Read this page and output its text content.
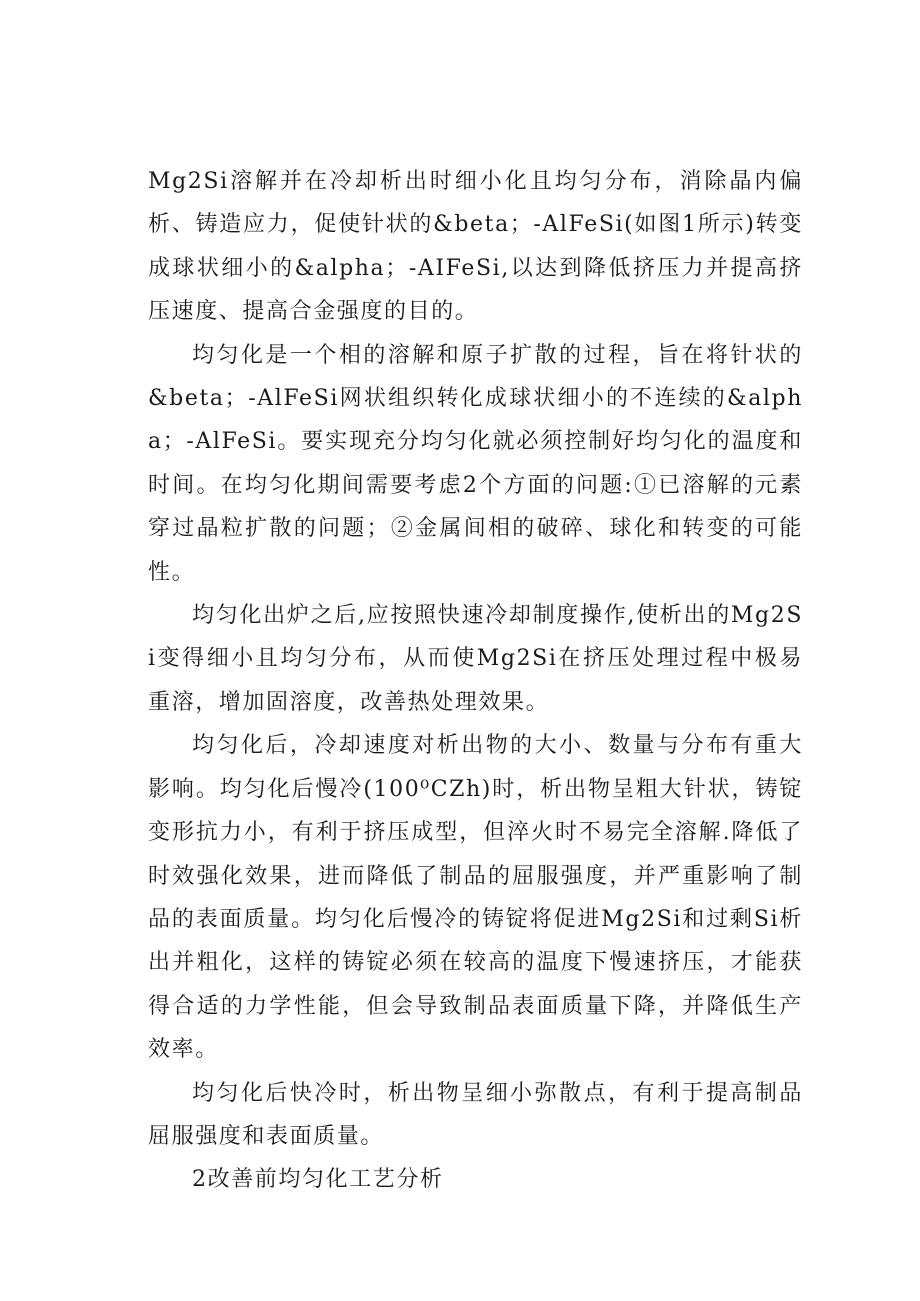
Mg2Si溶解并在冷却析出时细小化且均匀分布，消除晶内偏析、铸造应力，促使针状的&beta；-AlFeSi(如图1所示)转变成球状细小的&alpha；-AIFeSi,以达到降低挤压力并提高挤压速度、提高合金强度的目的。

均匀化是一个相的溶解和原子扩散的过程，旨在将针状的&beta；-AlFeSi网状组织转化成球状细小的不连续的&alpha；-AlFeSi。要实现充分均匀化就必须控制好均匀化的温度和时间。在均匀化期间需要考虑2个方面的问题:①已溶解的元素穿过晶粒扩散的问题；②金属间相的破碎、球化和转变的可能性。

均匀化出炉之后,应按照快速冷却制度操作,使析出的Mg2Si变得细小且均匀分布，从而使Mg2Si在挤压处理过程中极易重溶，增加固溶度，改善热处理效果。

均匀化后，冷却速度对析出物的大小、数量与分布有重大影响。均匀化后慢冷(100⁰CZh)时，析出物呈粗大针状，铸锭变形抗力小，有利于挤压成型，但淬火时不易完全溶解.降低了时效强化效果，进而降低了制品的屈服强度，并严重影响了制品的表面质量。均匀化后慢冷的铸锭将促进Mg2Si和过剩Si析出并粗化，这样的铸锭必须在较高的温度下慢速挤压，才能获得合适的力学性能，但会导致制品表面质量下降，并降低生产效率。

均匀化后快冷时，析出物呈细小弥散点，有利于提高制品屈服强度和表面质量。

2改善前均匀化工艺分析
